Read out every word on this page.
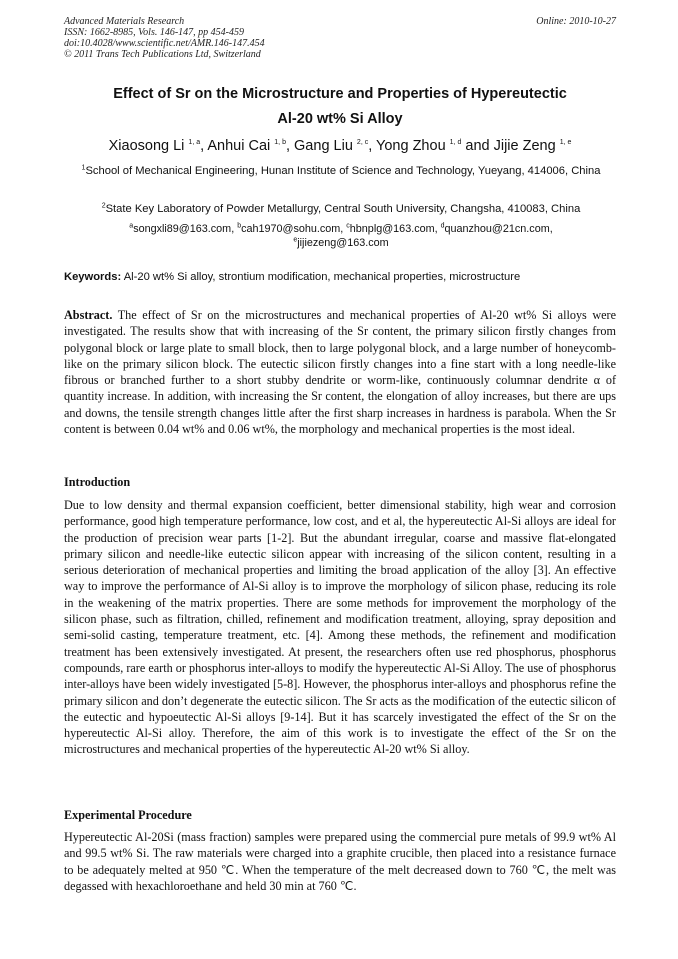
Advanced Materials Research
ISSN: 1662-8985, Vols. 146-147, pp 454-459
doi:10.4028/www.scientific.net/AMR.146-147.454
© 2011 Trans Tech Publications Ltd, Switzerland
Online: 2010-10-27
Effect of Sr on the Microstructure and Properties of Hypereutectic
Al-20 wt% Si Alloy
Xiaosong Li $^{1, a}$, Anhui Cai $^{1, b}$, Gang Liu $^{2, c}$, Yong Zhou $^{1, d}$ and Jijie Zeng $^{1, e}$
$^1$School of Mechanical Engineering, Hunan Institute of Science and Technology, Yueyang, 414006, China
$^2$State Key Laboratory of Powder Metallurgy, Central South University, Changsha, 410083, China
$^a$songxli89@163.com, $^b$cah1970@sohu.com, $^c$hbnplg@163.com, $^d$quanzhou@21cn.com,
$^e$jijiezeng@163.com
Keywords: Al-20 wt% Si alloy, strontium modification, mechanical properties, microstructure
Abstract. The effect of Sr on the microstructures and mechanical properties of Al-20 wt% Si alloys were investigated. The results show that with increasing of the Sr content, the primary silicon firstly changes from polygonal block or large plate to small block, then to large polygonal block, and a large number of honeycomb-like on the primary silicon block. The eutectic silicon firstly changes into a fine start with a long needle-like fibrous or branched further to a short stubby dendrite or worm-like, continuously columnar dendrite α of quantity increase. In addition, with increasing the Sr content, the elongation of alloy increases, but there are ups and downs, the tensile strength changes little after the first sharp increases in hardness is parabola. When the Sr content is between 0.04 wt% and 0.06 wt%, the morphology and mechanical properties is the most ideal.
Introduction
Due to low density and thermal expansion coefficient, better dimensional stability, high wear and corrosion performance, good high temperature performance, low cost, and et al, the hypereutectic Al-Si alloys are ideal for the production of precision wear parts [1-2]. But the abundant irregular, coarse and massive flat-elongated primary silicon and needle-like eutectic silicon appear with increasing of the silicon content, resulting in a serious deterioration of mechanical properties and limiting the broad application of the alloy [3]. An effective way to improve the performance of Al-Si alloy is to improve the morphology of silicon phase, reducing its role in the weakening of the matrix properties. There are some methods for improvement the morphology of the silicon phase, such as filtration, chilled, refinement and modification treatment, alloying, spray deposition and semi-solid casting, temperature treatment, etc. [4]. Among these methods, the refinement and modification treatment has been extensively investigated. At present, the researchers often use red phosphorus, phosphorus compounds, rare earth or phosphorus inter-alloys to modify the hypereutectic Al-Si Alloy. The use of phosphorus inter-alloys have been widely investigated [5-8]. However, the phosphorus inter-alloys and phosphorus refine the primary silicon and don’t degenerate the eutectic silicon. The Sr acts as the modification of the eutectic silicon of the eutectic and hypoeutectic Al-Si alloys [9-14]. But it has scarcely investigated the effect of the Sr on the hypereutectic Al-Si alloy. Therefore, the aim of this work is to investigate the effect of the Sr on the microstructures and mechanical properties of the hypereutectic Al-20 wt% Si alloy.
Experimental Procedure
Hypereutectic Al-20Si (mass fraction) samples were prepared using the commercial pure metals of 99.9 wt% Al and 99.5 wt% Si. The raw materials were charged into a graphite crucible, then placed into a resistance furnace to be adequately melted at 950 ℃. When the temperature of the melt decreased down to 760 ℃, the melt was degassed with hexachloroethane and held 30 min at 760 ℃.
